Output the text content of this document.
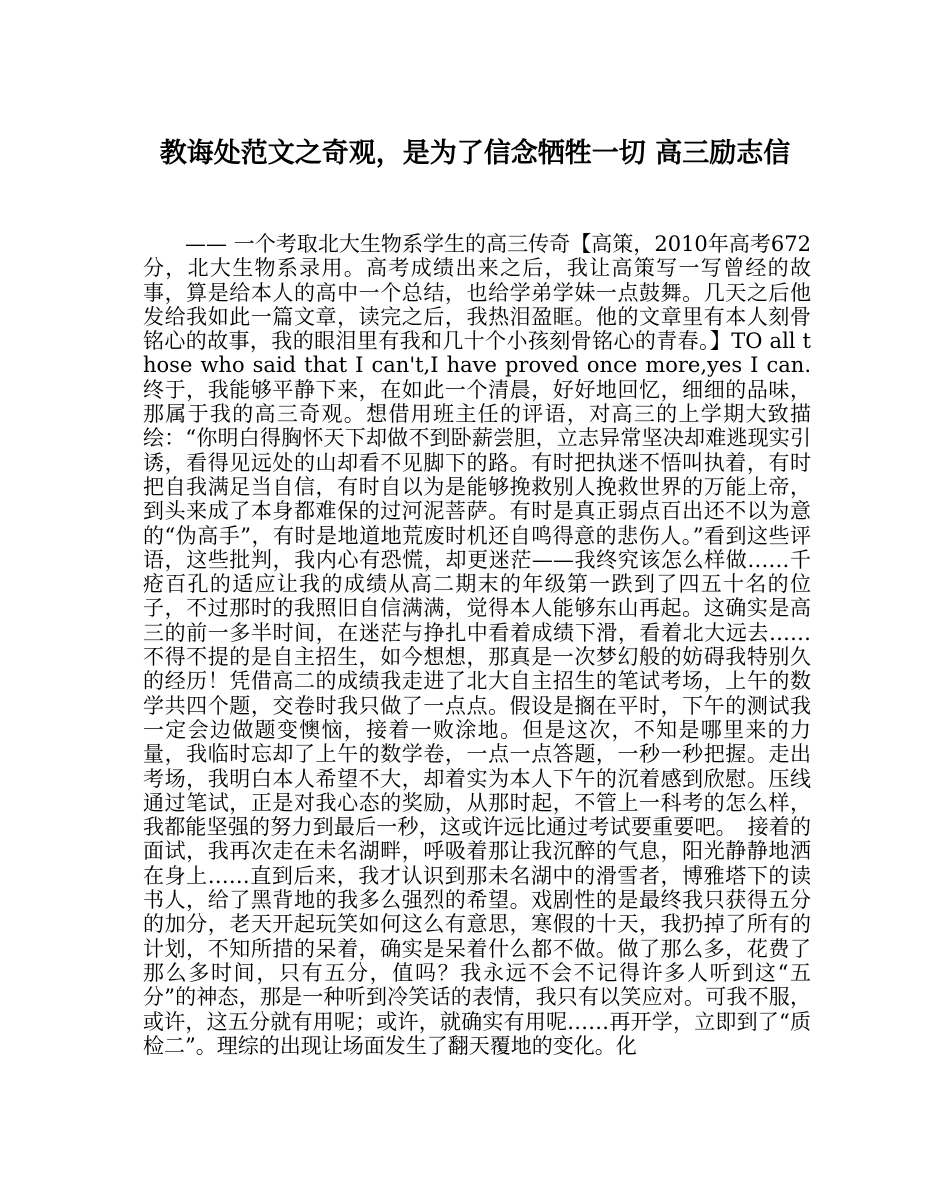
教诲处范文之奇观，是为了信念牺牲一切 高三励志信

—— 一个考取北大生物系学生的高三传奇【高策，2010年高考672分，北大生物系录用。高考成绩出来之后，我让高策写一写曾经的故事，算是给本人的高中一个总结，也给学弟学妹一点鼓舞。几天之后他发给我如此一篇文章，读完之后，我热泪盈眶。他的文章里有本人刻骨铭心的故事，我的眼泪里有我和几十个小孩刻骨铭心的青春。】TO all those who said that I can't,I have proved once more,yes I can.终于，我能够平静下来，在如此一个清晨，好好地回忆，细细的品味，那属于我的高三奇观。想借用班主任的评语，对高三的上学期大致描绘：“你明白得胸怀天下却做不到卧薪尝胆，立志异常坚决却难逃现实引诱，看得见远处的山却看不见脚下的路。有时把执迷不悟叫执着，有时把自我满足当自信，有时自以为是能够挽救别人挽救世界的万能上帝，到头来成了本身都难保的过河泥菩萨。有时是真正弱点百出还不以为意的“伪高手”，有时是地道地荒废时机还自鸣得意的悲伤人。”看到这些评语，这些批判，我内心有恐慌，却更迷茫——我终究该怎么样做……千疮百孔的适应让我的成绩从高二期末的年级第一跌到了四五十名的位子，不过那时的我照旧自信满满，觉得本人能够东山再起。这确实是高三的前一多半时间，在迷茫与挣扎中看着成绩下滑，看着北大远去……不得不提的是自主招生，如今想想，那真是一次梦幻般的妨碍我特别久的经历！凭借高二的成绩我走进了北大自主招生的笔试考场，上午的数学共四个题，交卷时我只做了一点点。假设是搁在平时，下午的测试我一定会边做题变懊恼，接着一败涂地。但是这次，不知是哪里来的力量，我临时忘却了上午的数学卷，一点一点答题，一秒一秒把握。走出考场，我明白本人希望不大，却着实为本人下午的沉着感到欣慰。压线通过笔试，正是对我心态的奖励，从那时起，不管上一科考的怎么样，我都能坚强的努力到最后一秒，这或许远比通过考试要重要吧。　接着的面试，我再次走在未名湖畔，呼吸着那让我沉醉的气息，阳光静静地洒在身上……直到后来，我才认识到那未名湖中的滑雪者，博雅塔下的读书人，给了黑背地的我多么强烈的希望。戏剧性的是最终我只获得五分的加分，老天开起玩笑如何这么有意思，寒假的十天，我扔掉了所有的计划，不知所措的呆着，确实是呆着什么都不做。做了那么多，花费了那么多时间，只有五分，值吗？我永远不会不记得许多人听到这“五分”的神态，那是一种听到冷笑话的表情，我只有以笑应对。可我不服，或许，这五分就有用呢；或许，就确实有用呢……再开学，立即到了“质检二”。理综的出现让场面发生了翻天覆地的变化。化
